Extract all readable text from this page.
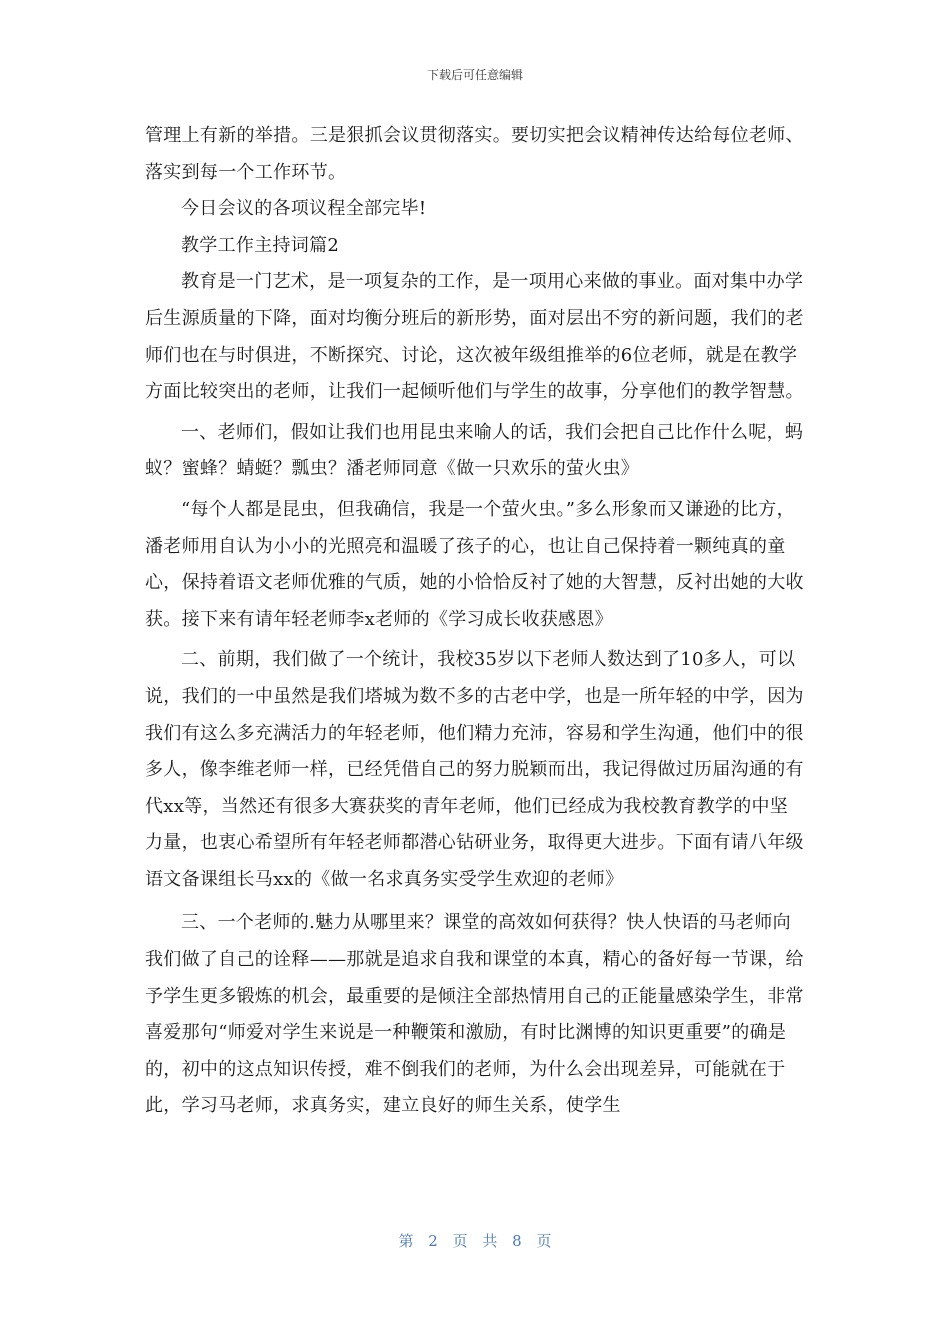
下载后可任意编辑

管理上有新的举措。三是狠抓会议贯彻落实。要切实把会议精神传达给每位老师、落实到每一个工作环节。

今日会议的各项议程全部完毕!

教学工作主持词篇2

教育是一门艺术，是一项复杂的工作，是一项用心来做的事业。面对集中办学后生源质量的下降，面对均衡分班后的新形势，面对层出不穷的新问题，我们的老师们也在与时俱进，不断探究、讨论，这次被年级组推举的6位老师，就是在教学方面比较突出的老师，让我们一起倾听他们与学生的故事，分享他们的教学智慧。

一、老师们，假如让我们也用昆虫来喻人的话，我们会把自己比作什么呢，蚂蚁？蜜蜂？蜻蜓？瓢虫？潘老师同意《做一只欢乐的萤火虫》

“每个人都是昆虫，但我确信，我是一个萤火虫。”多么形象而又谦逊的比方，潘老师用自认为小小的光照亮和温暖了孩子的心，也让自己保持着一颗纯真的童心，保持着语文老师优雅的气质，她的小恰恰反衬了她的大智慧，反衬出她的大收获。接下来有请年轻老师李x老师的《学习成长收获感恩》

二、前期，我们做了一个统计，我校35岁以下老师人数达到了10多人，可以说，我们的一中虽然是我们塔城为数不多的古老中学，也是一所年轻的中学，因为我们有这么多充满活力的年轻老师，他们精力充沛，容易和学生沟通，他们中的很多人，像李维老师一样，已经凭借自己的努力脱颖而出，我记得做过历届沟通的有代xx等，当然还有很多大赛获奖的青年老师，他们已经成为我校教育教学的中坚力量，也衷心希望所有年轻老师都潜心钻研业务，取得更大进步。下面有请八年级语文备课组长马xx的《做一名求真务实受学生欢迎的老师》

三、一个老师的.魅力从哪里来？课堂的高效如何获得？快人快语的马老师向我们做了自己的诠释——那就是追求自我和课堂的本真，精心的备好每一节课，给予学生更多锻炼的机会，最重要的是倾注全部热情用自己的正能量感染学生，非常喜爱那句“师爱对学生来说是一种鞭策和激励，有时比渊博的知识更重要”的确是的，初中的这点知识传授，难不倒我们的老师，为什么会出现差异，可能就在于此，学习马老师，求真务实，建立良好的师生关系，使学生

第 2 页 共 8 页
